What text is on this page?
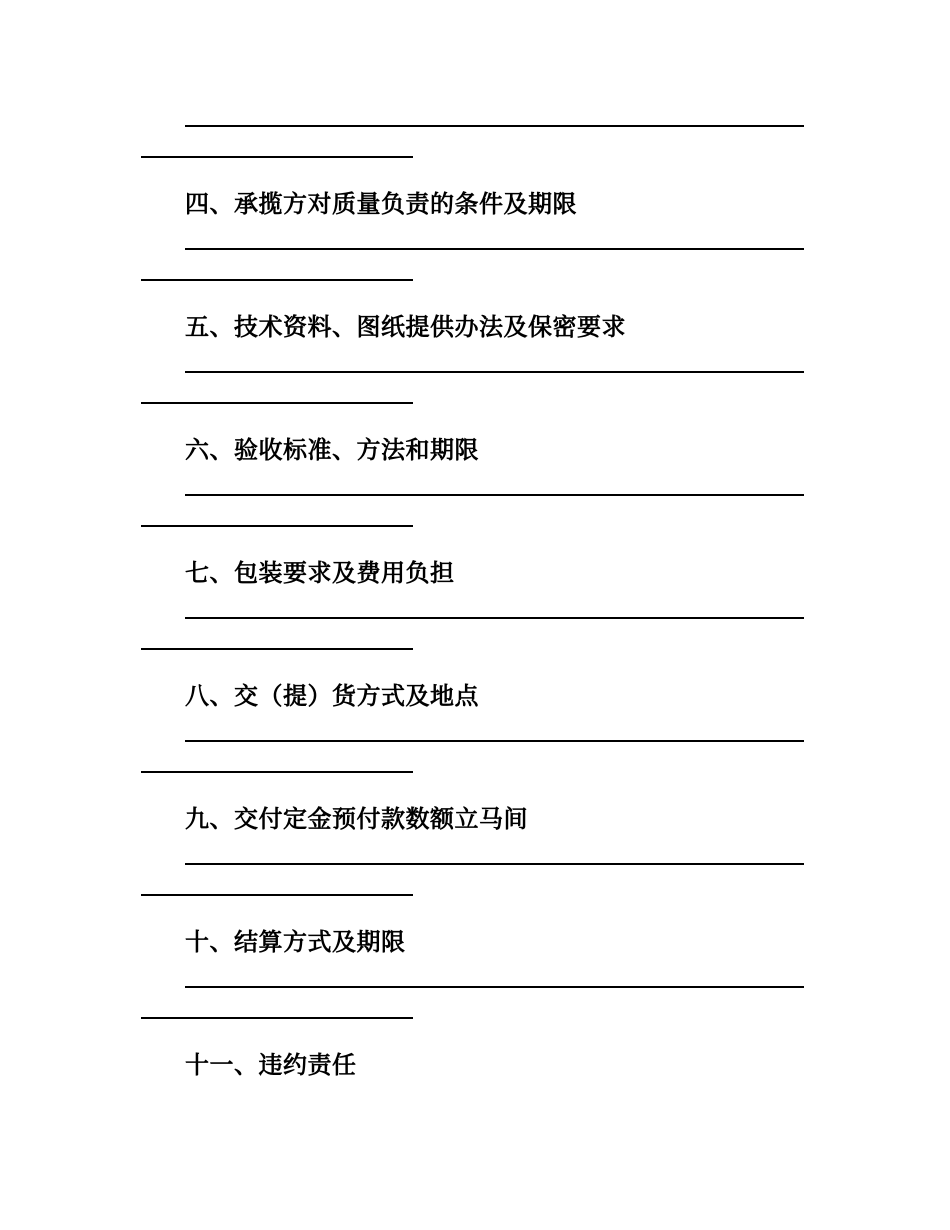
四、承揽方对质量负责的条件及期限
五、技术资料、图纸提供办法及保密要求
六、验收标准、方法和期限
七、包装要求及费用负担
八、交（提）货方式及地点
九、交付定金预付款数额立马间
十、结算方式及期限
十一、违约责任
